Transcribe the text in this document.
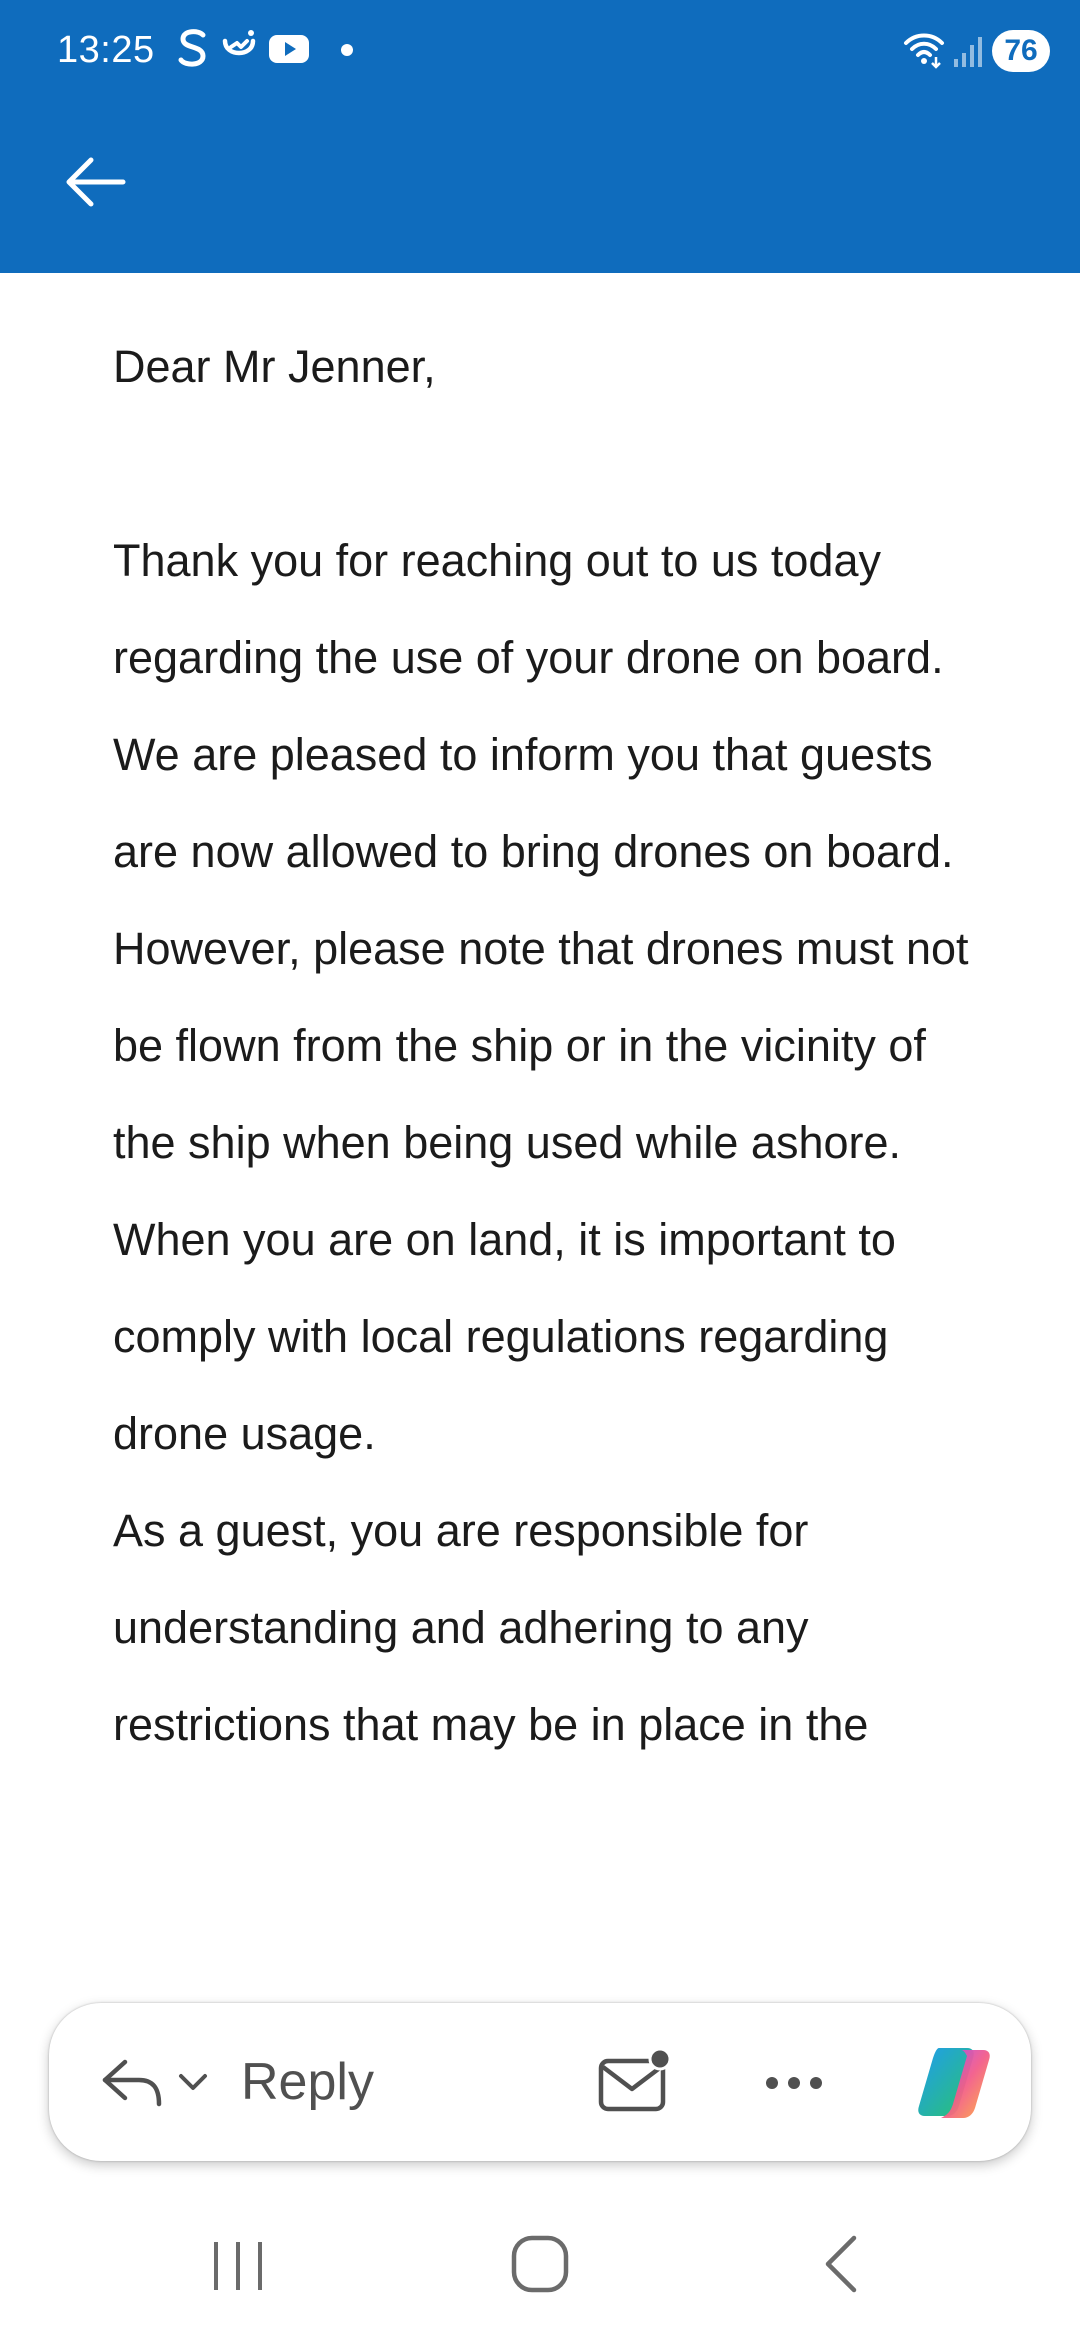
13:25	76

Dear Mr Jenner,

Thank you for reaching out to us today regarding the use of your drone on board.

We are pleased to inform you that guests are now allowed to bring drones on board. However, please note that drones must not be flown from the ship or in the vicinity of the ship when being used while ashore.

When you are on land, it is important to comply with local regulations regarding drone usage.

As a guest, you are responsible for understanding and adhering to any restrictions that may be in place in the

Reply
